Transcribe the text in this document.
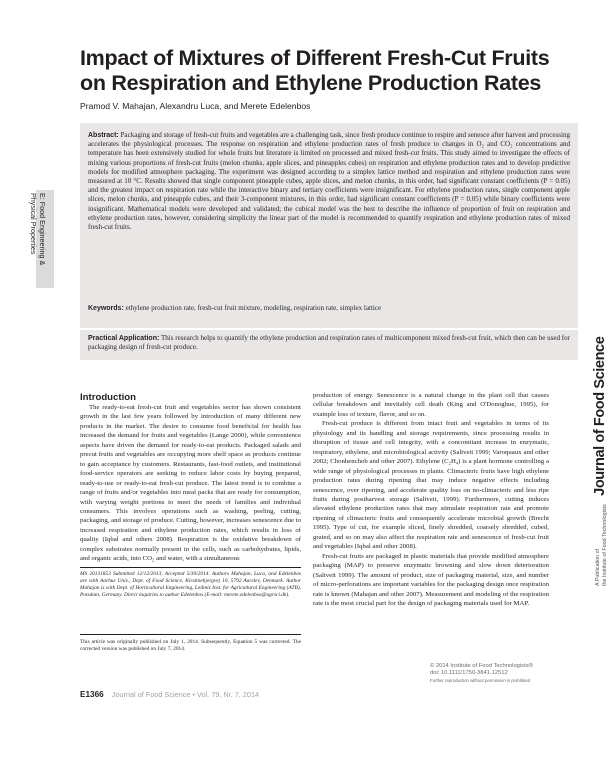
Impact of Mixtures of Different Fresh-Cut Fruits on Respiration and Ethylene Production Rates
Pramod V. Mahajan, Alexandru Luca, and Merete Edelenbos
E: Food Engineering & Physical Properties
Abstract: Packaging and storage of fresh-cut fruits and vegetables are a challenging task, since fresh produce continue to respire and senesce after harvest and processing accelerates the physiological processes. The response on respiration and ethylene production rates of fresh produce to changes in O₂ and CO₂ concentrations and temperature has been extensively studied for whole fruits but literature is limited on processed and mixed fresh-cut fruits. This study aimed to investigate the effects of mixing various proportions of fresh-cut fruits (melon chunks, apple slices, and pineapples cubes) on respiration and ethylene production rates and to develop predictive models for modified atmosphere packaging. The experiment was designed according to a simplex lattice method and respiration and ethylene production rates were measured at 10 °C. Results showed that single component pineapple cubes, apple slices, and melon chunks, in this order, had significant constant coefficients (P = 0.05) and the greatest impact on respiration rate while the interactive binary and tertiary coefficients were insignificant. For ethylene production rates, single component apple slices, melon chunks, and pineapple cubes, and their 3-component mixtures, in this order, had significant constant coefficients (P = 0.05) while binary coefficients were insignificant. Mathematical models were developed and validated; the cubical model was the best to describe the influence of proportion of fruit on respiration and ethylene production rates, however, considering simplicity the linear part of the model is recommended to quantify respiration and ethylene production rates of mixed fresh-cut fruits.
Keywords: ethylene production rate, fresh-cut fruit mixture, modeling, respiration rate, simplex lattice
Practical Application: This research helps to quantify the ethylene production and respiration rates of multicomponent mixed fresh-cut fruit, which then can be used for packaging design of fresh-cut produce.
Introduction

The ready-to-eat fresh-cut fruit and vegetables sector has shown consistent growth in the last few years followed by introduction of many different new products in the market. The desire to consume food beneficial for health has increased the demand for fruits and vegetables (Lange 2000), while convenience aspects have driven the demand for ready-to-eat products. Packaged salads and precut fruits and vegetables are occupying more shelf space as products continue to gain acceptance by customers. Restaurants, fast-food outlets, and institutional food-service operators are seeking to reduce labor costs by buying prepared, ready-to-use or ready-to-eat fresh-cut produce. The latest trend is to combine a range of fruits and/or vegetables into meal packs that are ready for consumption, with varying weight portions to meet the needs of families and individual consumers. This involves operations such as washing, peeling, cutting, packaging, and storage of produce. Cutting, however, increases senescence due to increased respiration and ethylene production rates, which results in loss of quality (Iqbal and others 2008). Respiration is the oxidative breakdown of complex substrates normally present in the cells, such as carbohydrates, lipids, and organic acids, into CO₂ and water, with a simultaneous

production of energy. Senescence is a natural change in the plant cell that causes cellular breakdown and inevitably cell death (King and O'Donoghue, 1995), for example loss of texture, flavor, and so on.

Fresh-cut produce is different from intact fruit and vegetables in terms of its physiology and its handling and storage requirements, since processing results in disruption of tissue and cell integrity, with a concomitant increase in enzymatic, respiratory, ethylene, and microbiological activity (Saltveit 1999; Varoquaux and other 2002; Chonhenchob and other 2007). Ethylene (C₂H₄) is a plant hormone controlling a wide range of physiological processes in plants. Climacteric fruits have high ethylene production rates during ripening that may induce negative effects including senescence, over ripening, and accelerate quality loss on no-climacteric and less ripe fruits during postharvest storage (Saltveit, 1999). Furthermore, cutting induces elevated ethylene production rates that may stimulate respiration rate and promote ripening of climacteric fruits and consequently accelerate microbial growth (Brecht 1995). Type of cut, for example sliced, finely shredded, coarsely shredded, cubed, grated, and so on may also affect the respiration rate and senescence of fresh-cut fruit and vegetables (Iqbal and other 2008).

Fresh-cut fruits are packaged in plastic materials that provide modified atmosphere packaging (MAP) to preserve enzymatic browning and slow down deterioration (Saltveit 1999). The amount of product, size of packaging material, size, and number of micro-perforations are important variables for the packaging design once respiration rate is known (Mahajan and other 2007). Measurement and modeling of the respiration rate is the most crucial part for the design of packaging materials used for MAP.

MS 20131853 Submitted 12/12/2013, Accepted 5/30/2014. Authors Mahajan, Luca, and Edelenbos are with Aarhus Univ., Dept. of Food Science, Kirstinebjergvej 10, 5792 Aarslev, Denmark. Author Mahajan is with Dept. of Horticultural Engineering, Leibniz Inst. for Agricultural Engineering (ATB), Potsdam, Germany. Direct inquiries to author Edelenbos (E-mail: merete.edelenbos@agrsci.dk).
This article was originally published on July 1, 2014. Subsequently, Equation 5 was corrected. The corrected version was published on July 7, 2014.
E1366 Journal of Food Science • Vol. 79, Nr. 7, 2014
© 2014 Institute of Food Technologists®
doi: 10.1111/1750-3841.12512
Further reproduction without permission is prohibited
A Publication of
the Institute of Food Technologists Journal of Food Science
